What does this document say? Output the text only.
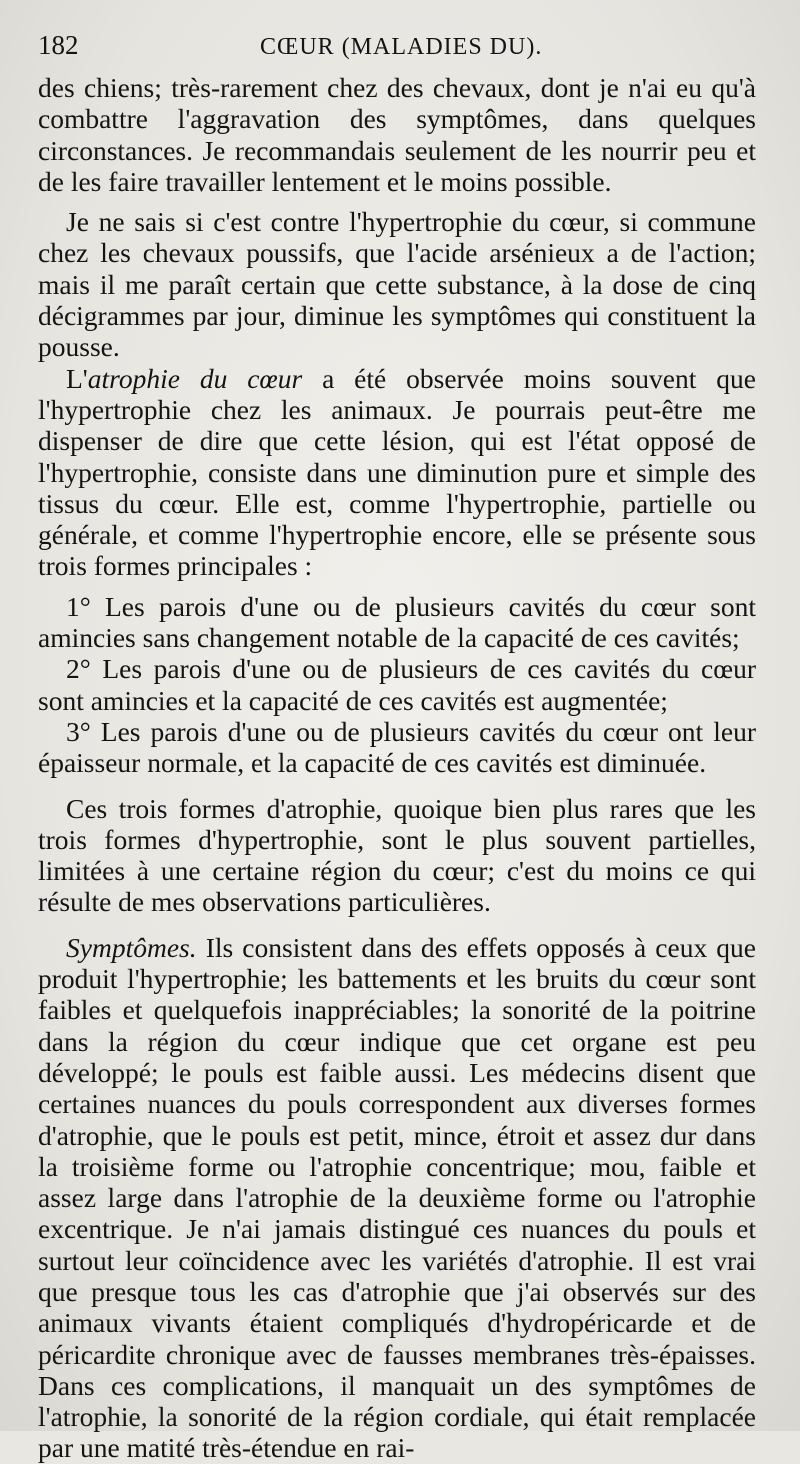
182	CŒUR (MALADIES DU).

des chiens; très-rarement chez des chevaux, dont je n'ai eu qu'à combattre l'aggravation des symptômes, dans quelques circonstances. Je recommandais seulement de les nourrir peu et de les faire travailler lentement et le moins possible.

Je ne sais si c'est contre l'hypertrophie du cœur, si commune chez les chevaux poussifs, que l'acide arsénieux a de l'action; mais il me paraît certain que cette substance, à la dose de cinq décigrammes par jour, diminue les symptômes qui constituent la pousse.

L'atrophie du cœur a été observée moins souvent que l'hypertrophie chez les animaux. Je pourrais peut-être me dispenser de dire que cette lésion, qui est l'état opposé de l'hypertrophie, consiste dans une diminution pure et simple des tissus du cœur. Elle est, comme l'hypertrophie, partielle ou générale, et comme l'hypertrophie encore, elle se présente sous trois formes principales :

1° Les parois d'une ou de plusieurs cavités du cœur sont amincies sans changement notable de la capacité de ces cavités;

2° Les parois d'une ou de plusieurs de ces cavités du cœur sont amincies et la capacité de ces cavités est augmentée;

3° Les parois d'une ou de plusieurs cavités du cœur ont leur épaisseur normale, et la capacité de ces cavités est diminuée.

Ces trois formes d'atrophie, quoique bien plus rares que les trois formes d'hypertrophie, sont le plus souvent partielles, limitées à une certaine région du cœur; c'est du moins ce qui résulte de mes observations particulières.

Symptômes. Ils consistent dans des effets opposés à ceux que produit l'hypertrophie; les battements et les bruits du cœur sont faibles et quelquefois inappréciables; la sonorité de la poitrine dans la région du cœur indique que cet organe est peu développé; le pouls est faible aussi. Les médecins disent que certaines nuances du pouls correspondent aux diverses formes d'atrophie, que le pouls est petit, mince, étroit et assez dur dans la troisième forme ou l'atrophie concentrique; mou, faible et assez large dans l'atrophie de la deuxième forme ou l'atrophie excentrique. Je n'ai jamais distingué ces nuances du pouls et surtout leur coïncidence avec les variétés d'atrophie. Il est vrai que presque tous les cas d'atrophie que j'ai observés sur des animaux vivants étaient compliqués d'hydropéricarde et de péricardite chronique avec de fausses membranes très-épaisses. Dans ces complications, il manquait un des symptômes de l'atrophie, la sonorité de la région cordiale, qui était remplacée par une matité très-étendue en rai-
